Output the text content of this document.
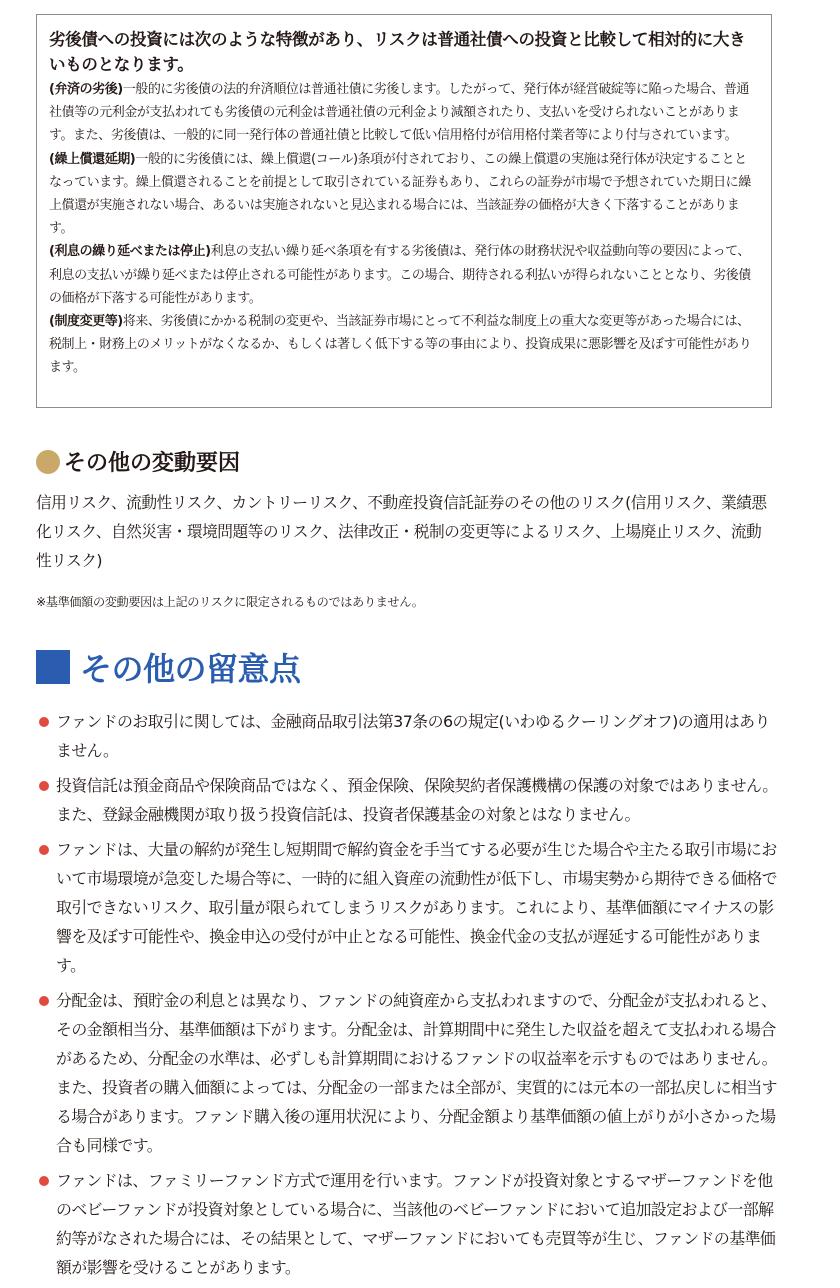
劣後債への投資には次のような特徴があり、リスクは普通社債への投資と比較して相対的に大きいものとなります。

(弁済の劣後)一般的に劣後債の法的弁済順位は普通社債に劣後します。したがって、発行体が経営破綻等に陥った場合、普通社債等の元利金が支払われても劣後債の元利金は普通社債の元利金より減額されたり、支払いを受けられないことがあります。また、劣後債は、一般的に同一発行体の普通社債と比較して低い信用格付が信用格付業者等により付与されています。

(繰上償還延期)一般的に劣後債には、繰上償還(コール)条項が付されており、この繰上償還の実施は発行体が決定することとなっています。繰上償還されることを前提として取引されている証券もあり、これらの証券が市場で予想されていた期日に繰上償還が実施されない場合、あるいは実施されないと見込まれる場合には、当該証券の価格が大きく下落することがあります。

(利息の繰り延べまたは停止)利息の支払い繰り延べ条項を有する劣後債は、発行体の財務状況や収益動向等の要因によって、利息の支払いが繰り延べまたは停止される可能性があります。この場合、期待される利払いが得られないこととなり、劣後債の価格が下落する可能性があります。

(制度変更等)将来、劣後債にかかる税制の変更や、当該証券市場にとって不利益な制度上の重大な変更等があった場合には、税制上・財務上のメリットがなくなるか、もしくは著しく低下する等の事由により、投資成果に悪影響を及ぼす可能性があります。

その他の変動要因
信用リスク、流動性リスク、カントリーリスク、不動産投資信託証券のその他のリスク(信用リスク、業績悪化リスク、自然災害・環境問題等のリスク、法律改正・税制の変更等によるリスク、上場廃止リスク、流動性リスク)
※基準価額の変動要因は上記のリスクに限定されるものではありません。
その他の留意点
ファンドのお取引に関しては、金融商品取引法第37条の6の規定(いわゆるクーリングオフ)の適用はありません。
投資信託は預金商品や保険商品ではなく、預金保険、保険契約者保護機構の保護の対象ではありません。また、登録金融機関が取り扱う投資信託は、投資者保護基金の対象とはなりません。
ファンドは、大量の解約が発生し短期間で解約資金を手当てする必要が生じた場合や主たる取引市場において市場環境が急変した場合等に、一時的に組入資産の流動性が低下し、市場実勢から期待できる価格で取引できないリスク、取引量が限られてしまうリスクがあります。これにより、基準価額にマイナスの影響を及ぼす可能性や、換金申込の受付が中止となる可能性、換金代金の支払が遅延する可能性があります。
分配金は、預貯金の利息とは異なり、ファンドの純資産から支払われますので、分配金が支払われると、その金額相当分、基準価額は下がります。分配金は、計算期間中に発生した収益を超えて支払われる場合があるため、分配金の水準は、必ずしも計算期間におけるファンドの収益率を示すものではありません。また、投資者の購入価額によっては、分配金の一部または全部が、実質的には元本の一部払戻しに相当する場合があります。ファンド購入後の運用状況により、分配金額より基準価額の値上がりが小さかった場合も同様です。
ファンドは、ファミリーファンド方式で運用を行います。ファンドが投資対象とするマザーファンドを他のベビーファンドが投資対象としている場合に、当該他のベビーファンドにおいて追加設定および一部解約等がなされた場合には、その結果として、マザーファンドにおいても売買等が生じ、ファンドの基準価額が影響を受けることがあります。
